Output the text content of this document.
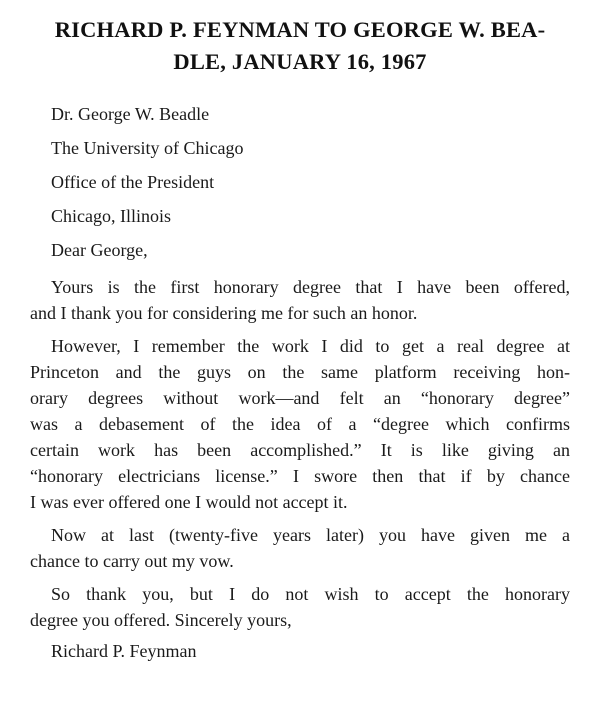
RICHARD P. FEYNMAN TO GEORGE W. BEA-
DLE, JANUARY 16, 1967
Dr. George W. Beadle
The University of Chicago
Office of the President
Chicago, Illinois
Dear George,

Yours is the first honorary degree that I have been offered,
and I thank you for considering me for such an honor.

However, I remember the work I did to get a real degree at
Princeton and the guys on the same platform receiving hon-
orary degrees without work—and felt an “honorary degree”
was a debasement of the idea of a “degree which confirms
certain work has been accomplished.” It is like giving an
“honorary electricians license.” I swore then that if by chance
I was ever offered one I would not accept it.

Now at last (twenty-five years later) you have given me a
chance to carry out my vow.

So thank you, but I do not wish to accept the honorary
degree you offered. Sincerely yours,

Richard P. Feynman
